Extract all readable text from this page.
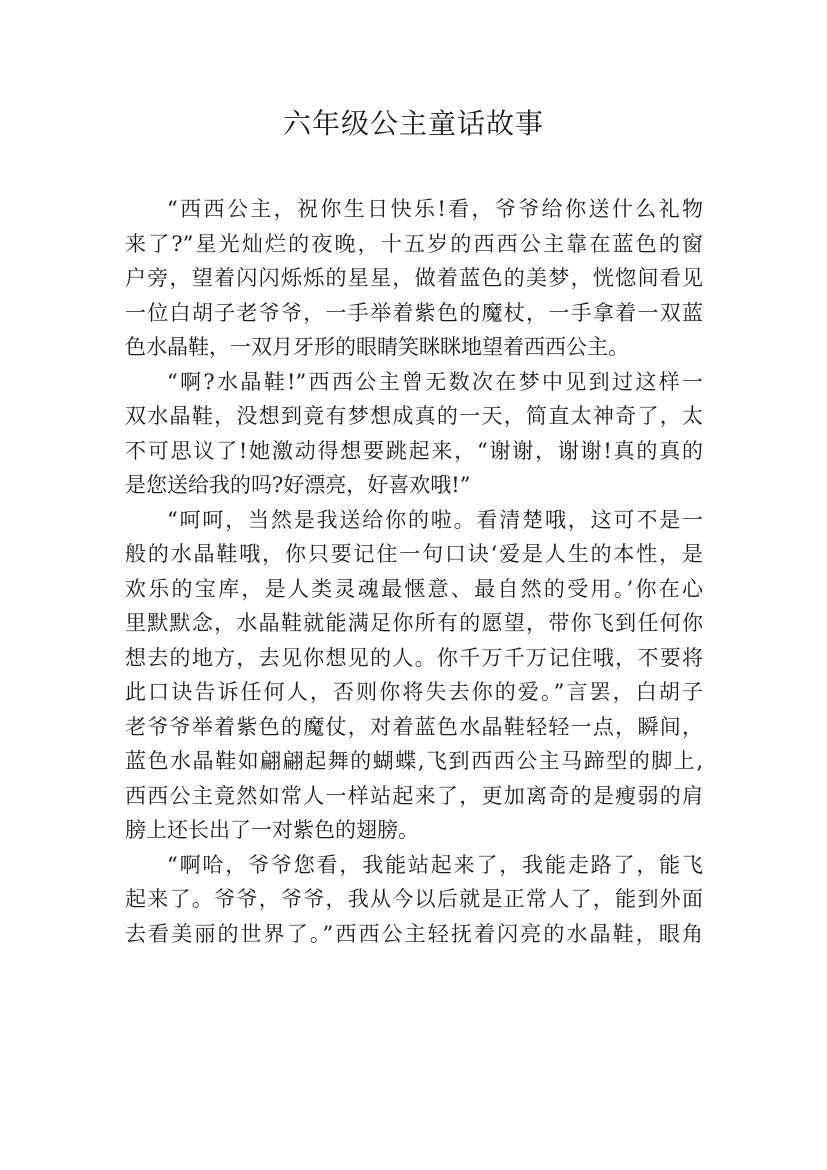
六年级公主童话故事
“西西公主，祝你生日快乐!看，爷爷给你送什么礼物
来了?”星光灿烂的夜晚，十五岁的西西公主靠在蓝色的窗
户旁，望着闪闪烁烁的星星，做着蓝色的美梦，恍惚间看见
一位白胡子老爷爷，一手举着紫色的魔杖，一手拿着一双蓝
色水晶鞋，一双月牙形的眼睛笑眯眯地望着西西公主。
“啊?水晶鞋!”西西公主曾无数次在梦中见到过这样一
双水晶鞋，没想到竟有梦想成真的一天，简直太神奇了，太
不可思议了!她激动得想要跳起来，“谢谢，谢谢!真的真的
是您送给我的吗?好漂亮，好喜欢哦!”
“呵呵，当然是我送给你的啦。看清楚哦，这可不是一
般的水晶鞋哦，你只要记住一句口诀‘爱是人生的本性，是
欢乐的宝库，是人类灵魂最惬意、最自然的受用。’你在心
里默默念，水晶鞋就能满足你所有的愿望，带你飞到任何你
想去的地方，去见你想见的人。你千万千万记住哦，不要将
此口诀告诉任何人，否则你将失去你的爱。”言罢，白胡子
老爷爷举着紫色的魔仗，对着蓝色水晶鞋轻轻一点，瞬间，
蓝色水晶鞋如翩翩起舞的蝴蝶,飞到西西公主马蹄型的脚上,
西西公主竟然如常人一样站起来了，更加离奇的是瘦弱的肩
膀上还长出了一对紫色的翅膀。
“啊哈，爷爷您看，我能站起来了，我能走路了，能飞
起来了。爷爷，爷爷，我从今以后就是正常人了，能到外面
去看美丽的世界了。”西西公主轻抚着闪亮的水晶鞋，眼角
